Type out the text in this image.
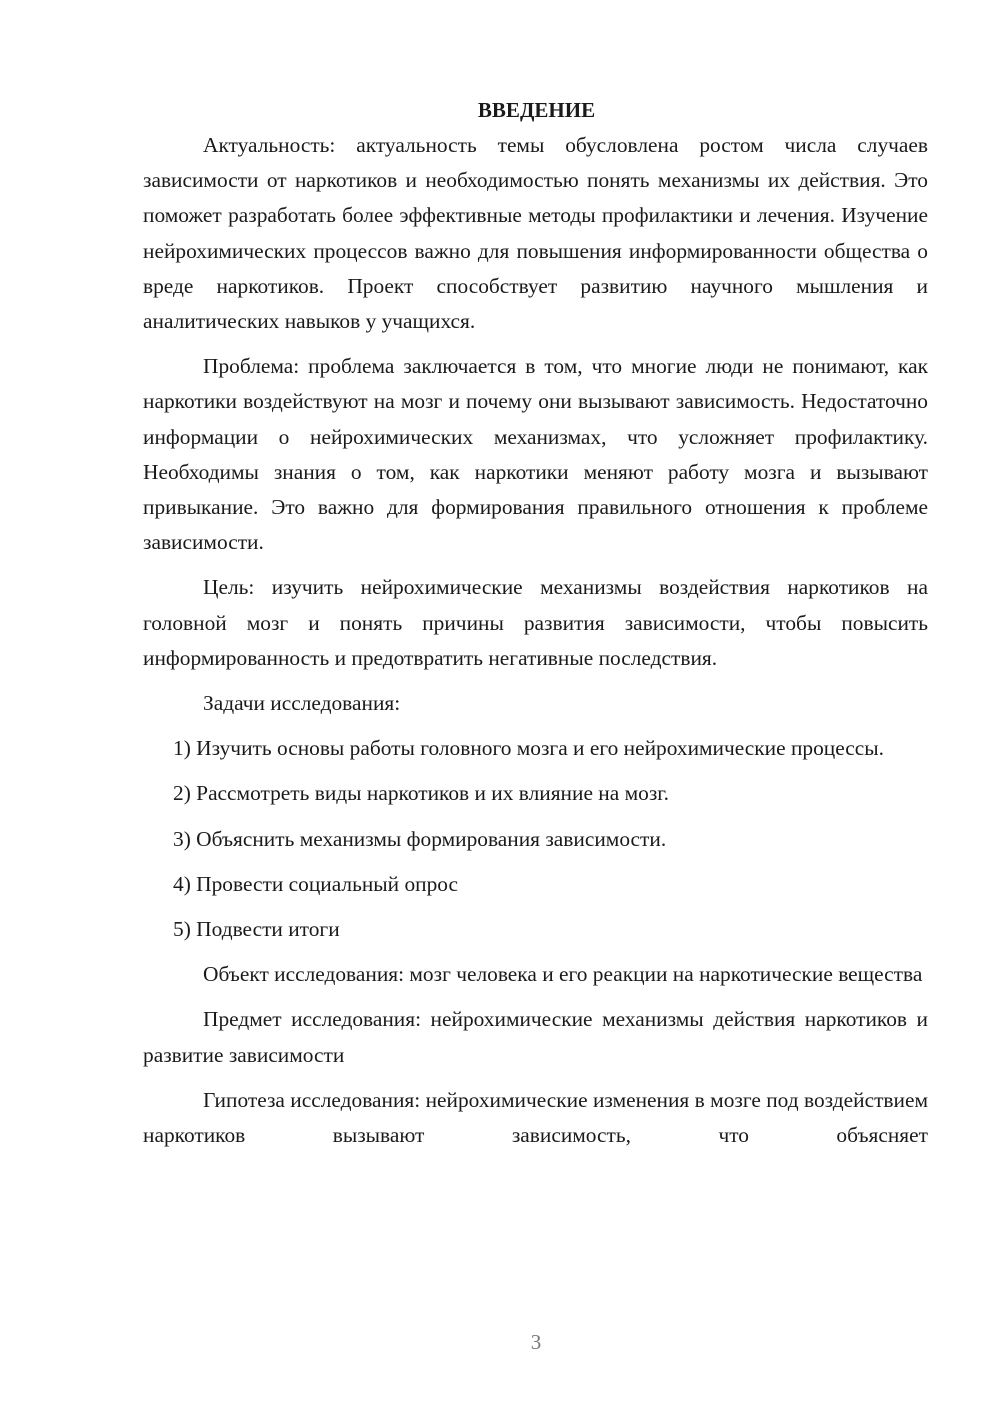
ВВЕДЕНИЕ

Актуальность: актуальность темы обусловлена ростом числа случаев зависимости от наркотиков и необходимостью понять механизмы их действия. Это поможет разработать более эффективные методы профилактики и лечения. Изучение нейрохимических процессов важно для повышения информированности общества о вреде наркотиков. Проект способствует развитию научного мышления и аналитических навыков у учащихся.

Проблема: проблема заключается в том, что многие люди не понимают, как наркотики воздействуют на мозг и почему они вызывают зависимость. Недостаточно информации о нейрохимических механизмах, что усложняет профилактику. Необходимы знания о том, как наркотики меняют работу мозга и вызывают привыкание. Это важно для формирования правильного отношения к проблеме зависимости.

Цель: изучить нейрохимические механизмы воздействия наркотиков на головной мозг и понять причины развития зависимости, чтобы повысить информированность и предотвратить негативные последствия.

Задачи исследования:

1) Изучить основы работы головного мозга и его нейрохимические процессы.

2) Рассмотреть виды наркотиков и их влияние на мозг.

3) Объяснить механизмы формирования зависимости.

4) Провести социальный опрос

5) Подвести итоги

Объект исследования: мозг человека и его реакции на наркотические вещества

Предмет исследования: нейрохимические механизмы действия наркотиков и развитие зависимости

Гипотеза исследования: нейрохимические изменения в мозге под воздействием наркотиков вызывают зависимость, что объясняет

3
